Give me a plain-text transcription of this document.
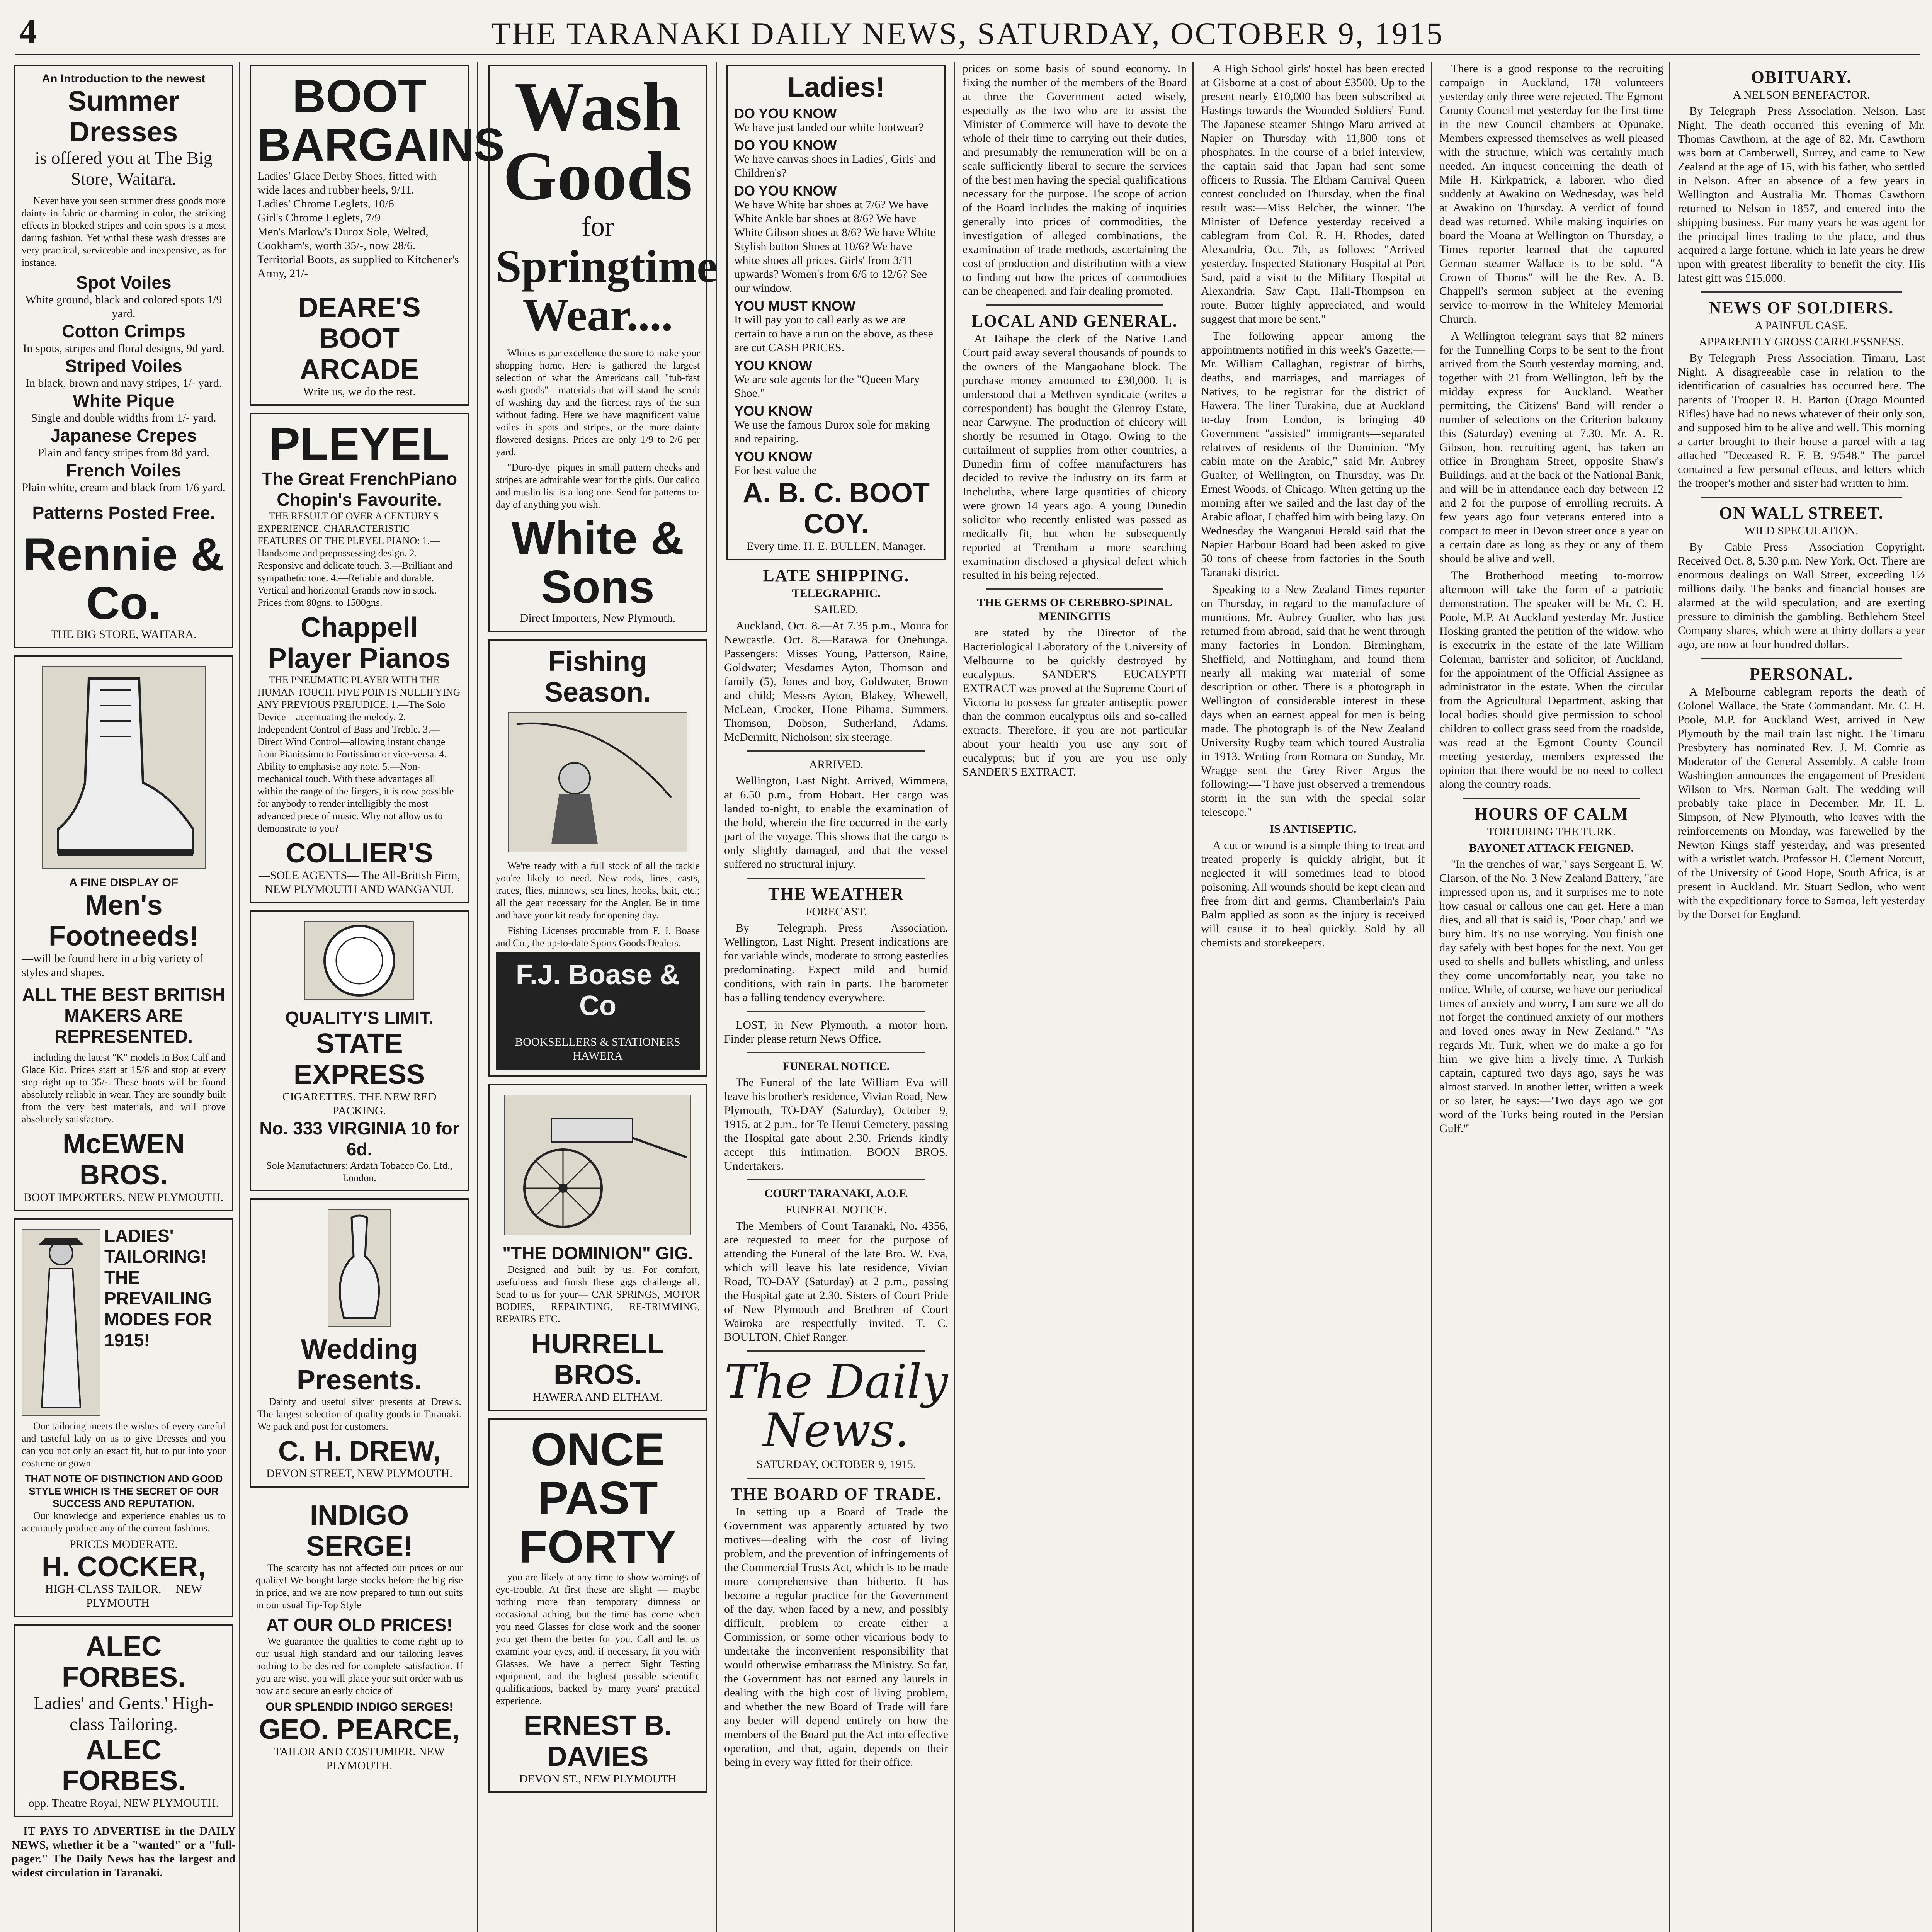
4	THE TARANAKI DAILY NEWS, SATURDAY, OCTOBER 9, 1915
An Introduction to the newest
Summer Dresses
is offered you at The Big Store, Waitara.

Never have you seen summer dress goods more dainty in fabric or charming in color, the striking effects in blocked stripes and coin spots is a most daring fashion. Yet withal these wash dresses are very practical, serviceable and inexpensive, as for instance,

Spot Voiles
White ground, black and colored spots 1/9 yard.
Cotton Crimps
In spots, stripes and floral designs, 9d yard.
Striped Voiles
In black, brown and navy stripes, 1/- yard.
White Pique
Single and double widths from 1/- yard.
Japanese Crepes
Plain and fancy stripes from 8d yard.
French Voiles
Plain white, cream and black from 1/6 yard.
Patterns Posted Free.
Rennie & Co.
THE BIG STORE, WAITARA.
A FINE DISPLAY OF
Men's Footneeds!
—will be found here in a big variety of styles and shapes.
ALL THE BEST BRITISH MAKERS ARE REPRESENTED.

including the latest "K" models in Box Calf and Glace Kid. Prices start at 15/6 and stop at every step right up to 35/-. These boots will be found absolutely reliable in wear. They are soundly built from the very best materials, and will prove absolutely satisfactory.

McEWEN BROS.
BOOT IMPORTERS, NEW PLYMOUTH.
LADIES' TAILORING! THE PREVAILING MODES FOR 1915!

Our tailoring meets the wishes of every careful and tasteful lady on us to give Dresses and you can you not only an exact fit, but to put into your costume or gown

THAT NOTE OF DISTINCTION AND GOOD STYLE WHICH IS THE SECRET OF OUR SUCCESS AND REPUTATION.

Our knowledge and experience enables us to accurately produce any of the current fashions.

PRICES MODERATE.
H. COCKER,
HIGH-CLASS TAILOR, —NEW PLYMOUTH—
ALEC FORBES.
Ladies' and Gents.' High-class Tailoring.
ALEC FORBES.
opp. Theatre Royal, NEW PLYMOUTH.

IT PAYS TO ADVERTISE in the DAILY NEWS, whether it be a "wanted" or a "full-pager." The Daily News has the largest and widest circulation in Taranaki.

BOOT BARGAINS
Ladies' Glace Derby Shoes, fitted with wide laces and rubber heels, 9/11.
Ladies' Chrome Leglets, 10/6
Girl's Chrome Leglets, 7/9
Men's Marlow's Durox Sole, Welted, Cookham's, worth 35/-, now 28/6.
Territorial Boots, as supplied to Kitchener's Army, 21/-
DEARE'S BOOT ARCADE
Write us, we do the rest.
PLEYEL
The Great FrenchPiano
Chopin's Favourite.

THE RESULT OF OVER A CENTURY'S EXPERIENCE. CHARACTERISTIC FEATURES OF THE PLEYEL PIANO: 1.—Handsome and prepossessing design. 2.—Responsive and delicate touch. 3.—Brilliant and sympathetic tone. 4.—Reliable and durable. Vertical and horizontal Grands now in stock. Prices from 80gns. to 1500gns.

Chappell Player Pianos

THE PNEUMATIC PLAYER WITH THE HUMAN TOUCH. FIVE POINTS NULLIFYING ANY PREVIOUS PREJUDICE. 1.—The Solo Device—accentuating the melody. 2.—Independent Control of Bass and Treble. 3.—Direct Wind Control—allowing instant change from Pianissimo to Fortissimo or vice-versa. 4.—Ability to emphasise any note. 5.—Non-mechanical touch. With these advantages all within the range of the fingers, it is now possible for anybody to render intelligibly the most advanced piece of music. Why not allow us to demonstrate to you?

COLLIER'S
—SOLE AGENTS— The All-British Firm, NEW PLYMOUTH AND WANGANUI.
QUALITY'S LIMIT.
STATE EXPRESS
CIGARETTES. THE NEW RED PACKING.
No. 333 VIRGINIA 10 for 6d.
Sole Manufacturers: Ardath Tobacco Co. Ltd., London.
Wedding Presents.

Dainty and useful silver presents at Drew's. The largest selection of quality goods in Taranaki. We pack and post for customers.

C. H. DREW,
DEVON STREET, NEW PLYMOUTH.
INDIGO SERGE!

The scarcity has not affected our prices or our quality! We bought large stocks before the big rise in price, and we are now prepared to turn out suits in our usual Tip-Top Style

AT OUR OLD PRICES!

We guarantee the qualities to come right up to our usual high standard and our tailoring leaves nothing to be desired for complete satisfaction. If you are wise, you will place your suit order with us now and secure an early choice of

OUR SPLENDID INDIGO SERGES!
GEO. PEARCE,
TAILOR AND COSTUMIER. NEW PLYMOUTH.
Wash Goods
for
Springtime Wear....

Whites is par excellence the store to make your shopping home. Here is gathered the largest selection of what the Americans call "tub-fast wash goods"—materials that will stand the scrub of washing day and the fiercest rays of the sun without fading. Here we have magnificent value voiles in spots and stripes, or the more dainty flowered designs. Prices are only 1/9 to 2/6 per yard.

"Duro-dye" piques in small pattern checks and stripes are admirable wear for the girls. Our calico and muslin list is a long one. Send for patterns to-day of anything you wish.

White & Sons
Direct Importers, New Plymouth.
Fishing Season.

We're ready with a full stock of all the tackle you're likely to need. New rods, lines, casts, traces, flies, minnows, sea lines, hooks, bait, etc.; all the gear necessary for the Angler. Be in time and have your kit ready for opening day.

Fishing Licenses procurable from F. J. Boase and Co., the up-to-date Sports Goods Dealers.

F.J. Boase & Co
BOOKSELLERS & STATIONERS HAWERA
"THE DOMINION" GIG.

Designed and built by us. For comfort, usefulness and finish these gigs challenge all. Send to us for your— CAR SPRINGS, MOTOR BODIES, REPAINTING, RE-TRIMMING, REPAIRS ETC.

HURRELL BROS.
HAWERA AND ELTHAM.
ONCE PAST FORTY

you are likely at any time to show warnings of eye-trouble. At first these are slight — maybe nothing more than temporary dimness or occasional aching, but the time has come when you need Glasses for close work and the sooner you get them the better for you. Call and let us examine your eyes, and, if necessary, fit you with Glasses. We have a perfect Sight Testing equipment, and the highest possible scientific qualifications, backed by many years' practical experience.

ERNEST B. DAVIES
DEVON ST., NEW PLYMOUTH
Ladies!
DO YOU KNOW
We have just landed our white footwear?
DO YOU KNOW
We have canvas shoes in Ladies', Girls' and Children's?
DO YOU KNOW
We have White bar shoes at 7/6? We have White Ankle bar shoes at 8/6? We have White Gibson shoes at 8/6? We have White Stylish button Shoes at 10/6? We have white shoes all prices. Girls' from 3/11 upwards? Women's from 6/6 to 12/6? See our window.
YOU MUST KNOW
It will pay you to call early as we are certain to have a run on the above, as these are cut CASH PRICES.
YOU KNOW
We are sole agents for the "Queen Mary Shoe."
YOU KNOW
We use the famous Durox sole for making and repairing.
YOU KNOW
For best value the
A. B. C. BOOT COY.
Every time. H. E. BULLEN, Manager.
LATE SHIPPING.
TELEGRAPHIC.
SAILED.

Auckland, Oct. 8.—At 7.35 p.m., Moura for Newcastle. Oct. 8.—Rarawa for Onehunga. Passengers: Misses Young, Patterson, Raine, Goldwater; Mesdames Ayton, Thomson and family (5), Jones and boy, Goldwater, Brown and child; Messrs Ayton, Blakey, Whewell, McLean, Crocker, Hone Pihama, Summers, Thomson, Dobson, Sutherland, Adams, McDermitt, Nicholson; six steerage.

ARRIVED.

Wellington, Last Night. Arrived, Wimmera, at 6.50 p.m., from Hobart. Her cargo was landed to-night, to enable the examination of the hold, wherein the fire occurred in the early part of the voyage. This shows that the cargo is only slightly damaged, and that the vessel suffered no structural injury.

THE WEATHER
FORECAST.

By Telegraph.—Press Association. Wellington, Last Night. Present indications are for variable winds, moderate to strong easterlies predominating. Expect mild and humid conditions, with rain in parts. The barometer has a falling tendency everywhere.

LOST, in New Plymouth, a motor horn. Finder please return News Office.

FUNERAL NOTICE.

The Funeral of the late William Eva will leave his brother's residence, Vivian Road, New Plymouth, TO-DAY (Saturday), October 9, 1915, at 2 p.m., for Te Henui Cemetery, passing the Hospital gate about 2.30. Friends kindly accept this intimation. BOON BROS. Undertakers.

COURT TARANAKI, A.O.F.
FUNERAL NOTICE.

The Members of Court Taranaki, No. 4356, are requested to meet for the purpose of attending the Funeral of the late Bro. W. Eva, which will leave his late residence, Vivian Road, TO-DAY (Saturday) at 2 p.m., passing the Hospital gate at 2.30. Sisters of Court Pride of New Plymouth and Brethren of Court Wairoka are respectfully invited. T. C. BOULTON, Chief Ranger.

The Daily News.
SATURDAY, OCTOBER 9, 1915.
THE BOARD OF TRADE.

In setting up a Board of Trade the Government was apparently actuated by two motives—dealing with the cost of living problem, and the prevention of infringements of the Commercial Trusts Act, which is to be made more comprehensive than hitherto. It has become a regular practice for the Government of the day, when faced by a new, and possibly difficult, problem to create either a Commission, or some other vicarious body to undertake the inconvenient responsibility that would otherwise embarrass the Ministry. So far, the Government has not earned any laurels in dealing with the high cost of living problem, and whether the new Board of Trade will fare any better will depend entirely on how the members of the Board put the Act into effective operation, and that, again, depends on their being in every way fitted for their office.

prices on some basis of sound economy. In fixing the number of the members of the Board at three the Government acted wisely, especially as the two who are to assist the Minister of Commerce will have to devote the whole of their time to carrying out their duties, and presumably the remuneration will be on a scale sufficiently liberal to secure the services of the best men having the special qualifications necessary for the purpose. The scope of action of the Board includes the making of inquiries generally into prices of commodities, the investigation of alleged combinations, the examination of trade methods, ascertaining the cost of production and distribution with a view to finding out how the prices of commodities can be cheapened, and fair dealing promoted.

LOCAL AND GENERAL.

At Taihape the clerk of the Native Land Court paid away several thousands of pounds to the owners of the Mangaohane block. The purchase money amounted to £30,000. It is understood that a Methven syndicate (writes a correspondent) has bought the Glenroy Estate, near Carwyne. The production of chicory will shortly be resumed in Otago. Owing to the curtailment of supplies from other countries, a Dunedin firm of coffee manufacturers has decided to revive the industry on its farm at Inchclutha, where large quantities of chicory were grown 14 years ago. A young Dunedin solicitor who recently enlisted was passed as medically fit, but when he subsequently reported at Trentham a more searching examination disclosed a physical defect which resulted in his being rejected.

THE GERMS OF CEREBRO-SPINAL MENINGITIS

are stated by the Director of the Bacteriological Laboratory of the University of Melbourne to be quickly destroyed by eucalyptus. SANDER'S EUCALYPTI EXTRACT was proved at the Supreme Court of Victoria to possess far greater antiseptic power than the common eucalyptus oils and so-called extracts. Therefore, if you are not particular about your health you use any sort of eucalyptus; but if you are—you use only SANDER'S EXTRACT.

A High School girls' hostel has been erected at Gisborne at a cost of about £3500. Up to the present nearly £10,000 has been subscribed at Hastings towards the Wounded Soldiers' Fund. The Japanese steamer Shingo Maru arrived at Napier on Thursday with 11,800 tons of phosphates. In the course of a brief interview, the captain said that Japan had sent some officers to Russia. The Eltham Carnival Queen contest concluded on Thursday, when the final result was:—Miss Belcher, the winner. The Minister of Defence yesterday received a cablegram from Col. R. H. Rhodes, dated Alexandria, Oct. 7th, as follows: "Arrived yesterday. Inspected Stationary Hospital at Port Said, paid a visit to the Military Hospital at Alexandria. Saw Capt. Hall-Thompson en route. Butter highly appreciated, and would suggest that more be sent."

The following appear among the appointments notified in this week's Gazette:—Mr. William Callaghan, registrar of births, deaths, and marriages, and marriages of Natives, to be registrar for the district of Hawera. The liner Turakina, due at Auckland to-day from London, is bringing 40 Government "assisted" immigrants—separated relatives of residents of the Dominion. "My cabin mate on the Arabic," said Mr. Aubrey Gualter, of Wellington, on Thursday, was Dr. Ernest Woods, of Chicago. When getting up the morning after we sailed and the last day of the Arabic afloat, I chaffed him with being lazy. On Wednesday the Wanganui Herald said that the Napier Harbour Board had been asked to give 50 tons of cheese from factories in the South Taranaki district.

Speaking to a New Zealand Times reporter on Thursday, in regard to the manufacture of munitions, Mr. Aubrey Gualter, who has just returned from abroad, said that he went through many factories in London, Birmingham, Sheffield, and Nottingham, and found them nearly all making war material of some description or other. There is a photograph in Wellington of considerable interest in these days when an earnest appeal for men is being made. The photograph is of the New Zealand University Rugby team which toured Australia in 1913. Writing from Romara on Sunday, Mr. Wragge sent the Grey River Argus the following:—"I have just observed a tremendous storm in the sun with the special solar telescope."

IS ANTISEPTIC.

A cut or wound is a simple thing to treat and treated properly is quickly alright, but if neglected it will sometimes lead to blood poisoning. All wounds should be kept clean and free from dirt and germs. Chamberlain's Pain Balm applied as soon as the injury is received will cause it to heal quickly. Sold by all chemists and storekeepers.

There is a good response to the recruiting campaign in Auckland, 178 volunteers yesterday only three were rejected. The Egmont County Council met yesterday for the first time in the new Council chambers at Opunake. Members expressed themselves as well pleased with the structure, which was certainly much needed. An inquest concerning the death of Mile H. Kirkpatrick, a laborer, who died suddenly at Awakino on Wednesday, was held at Awakino on Thursday. A verdict of found dead was returned. While making inquiries on board the Moana at Wellington on Thursday, a Times reporter learned that the captured German steamer Wallace is to be sold. "A Crown of Thorns" will be the Rev. A. B. Chappell's sermon subject at the evening service to-morrow in the Whiteley Memorial Church.

A Wellington telegram says that 82 miners for the Tunnelling Corps to be sent to the front arrived from the South yesterday morning, and, together with 21 from Wellington, left by the midday express for Auckland. Weather permitting, the Citizens' Band will render a number of selections on the Criterion balcony this (Saturday) evening at 7.30. Mr. A. R. Gibson, hon. recruiting agent, has taken an office in Brougham Street, opposite Shaw's Buildings, and at the back of the National Bank, and will be in attendance each day between 12 and 2 for the purpose of enrolling recruits. A few years ago four veterans entered into a compact to meet in Devon street once a year on a certain date as long as they or any of them should be alive and well.

The Brotherhood meeting to-morrow afternoon will take the form of a patriotic demonstration. The speaker will be Mr. C. H. Poole, M.P. At Auckland yesterday Mr. Justice Hosking granted the petition of the widow, who is executrix in the estate of the late William Coleman, barrister and solicitor, of Auckland, for the appointment of the Official Assignee as administrator in the estate. When the circular from the Agricultural Department, asking that local bodies should give permission to school children to collect grass seed from the roadside, was read at the Egmont County Council meeting yesterday, members expressed the opinion that there would be no need to collect along the country roads.

HOURS OF CALM
TORTURING THE TURK.
BAYONET ATTACK FEIGNED.

"In the trenches of war," says Sergeant E. W. Clarson, of the No. 3 New Zealand Battery, "are impressed upon us, and it surprises me to note how casual or callous one can get. Here a man dies, and all that is said is, 'Poor chap,' and we bury him. It's no use worrying. You finish one day safely with best hopes for the next. You get used to shells and bullets whistling, and unless they come uncomfortably near, you take no notice. While, of course, we have our periodical times of anxiety and worry, I am sure we all do not forget the continued anxiety of our mothers and loved ones away in New Zealand." "As regards Mr. Turk, when we do make a go for him—we give him a lively time. A Turkish captain, captured two days ago, says he was almost starved. In another letter, written a week or so later, he says:—'Two days ago we got word of the Turks being routed in the Persian Gulf.'"

OBITUARY.
A NELSON BENEFACTOR.

By Telegraph—Press Association. Nelson, Last Night. The death occurred this evening of Mr. Thomas Cawthorn, at the age of 82. Mr. Cawthorn was born at Camberwell, Surrey, and came to New Zealand at the age of 15, with his father, who settled in Nelson. After an absence of a few years in Wellington and Australia Mr. Thomas Cawthorn returned to Nelson in 1857, and entered into the shipping business. For many years he was agent for the principal lines trading to the place, and thus acquired a large fortune, which in late years he drew upon with greatest liberality to benefit the city. His latest gift was £15,000.

NEWS OF SOLDIERS.
A PAINFUL CASE.
APPARENTLY GROSS CARELESSNESS.

By Telegraph—Press Association. Timaru, Last Night. A disagreeable case in relation to the identification of casualties has occurred here. The parents of Trooper R. H. Barton (Otago Mounted Rifles) have had no news whatever of their only son, and supposed him to be alive and well. This morning a carter brought to their house a parcel with a tag attached "Deceased R. F. B. 9/548." The parcel contained a few personal effects, and letters which the trooper's mother and sister had written to him.

ON WALL STREET.
WILD SPECULATION.

By Cable—Press Association—Copyright. Received Oct. 8, 5.30 p.m. New York, Oct. There are enormous dealings on Wall Street, exceeding 1½ millions daily. The banks and financial houses are alarmed at the wild speculation, and are exerting pressure to diminish the gambling. Bethlehem Steel Company shares, which were at thirty dollars a year ago, are now at four hundred dollars.

PERSONAL.

A Melbourne cablegram reports the death of Colonel Wallace, the State Commandant. Mr. C. H. Poole, M.P. for Auckland West, arrived in New Plymouth by the mail train last night. The Timaru Presbytery has nominated Rev. J. M. Comrie as Moderator of the General Assembly. A cable from Washington announces the engagement of President Wilson to Mrs. Norman Galt. The wedding will probably take place in December. Mr. H. L. Simpson, of New Plymouth, who leaves with the reinforcements on Monday, was farewelled by the Newton Kings staff yesterday, and was presented with a wristlet watch. Professor H. Clement Notcutt, of the University of Good Hope, South Africa, is at present in Auckland. Mr. Stuart Sedlon, who went with the expeditionary force to Samoa, left yesterday by the Dorset for England.
